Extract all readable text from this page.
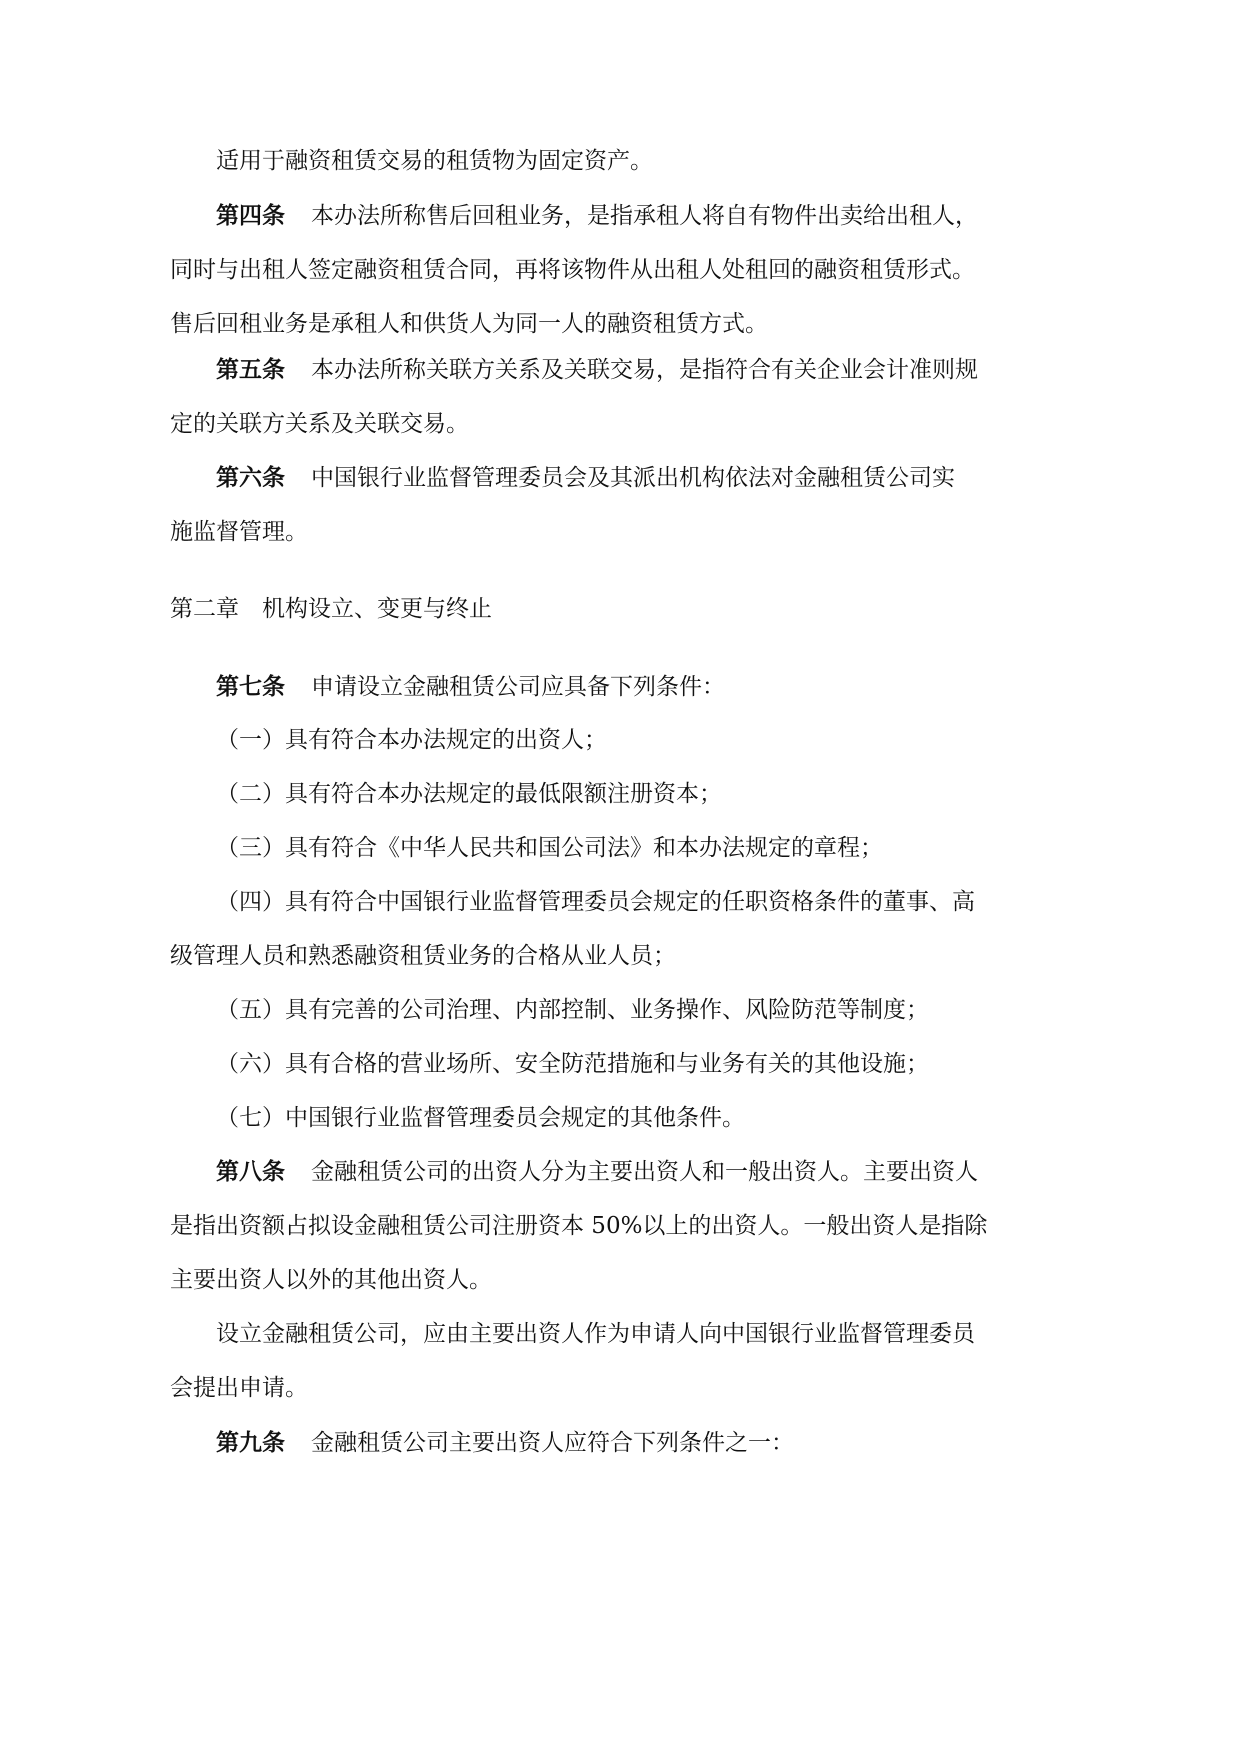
适用于融资租赁交易的租赁物为固定资产。
第四条 本办法所称售后回租业务，是指承租人将自有物件出卖给出租人，
同时与出租人签定融资租赁合同，再将该物件从出租人处租回的融资租赁形式。
售后回租业务是承租人和供货人为同一人的融资租赁方式。
第五条 本办法所称关联方关系及关联交易，是指符合有关企业会计准则规
定的关联方关系及关联交易。
第六条 中国银行业监督管理委员会及其派出机构依法对金融租赁公司实
施监督管理。
第二章　机构设立、变更与终止
第七条 申请设立金融租赁公司应具备下列条件：
（一）具有符合本办法规定的出资人；
（二）具有符合本办法规定的最低限额注册资本；
（三）具有符合《中华人民共和国公司法》和本办法规定的章程；
（四）具有符合中国银行业监督管理委员会规定的任职资格条件的董事、高
级管理人员和熟悉融资租赁业务的合格从业人员；
（五）具有完善的公司治理、内部控制、业务操作、风险防范等制度；
（六）具有合格的营业场所、安全防范措施和与业务有关的其他设施；
（七）中国银行业监督管理委员会规定的其他条件。
第八条 金融租赁公司的出资人分为主要出资人和一般出资人。主要出资人
是指出资额占拟设金融租赁公司注册资本 50%以上的出资人。一般出资人是指除
主要出资人以外的其他出资人。
设立金融租赁公司，应由主要出资人作为申请人向中国银行业监督管理委员
会提出申请。
第九条 金融租赁公司主要出资人应符合下列条件之一：
